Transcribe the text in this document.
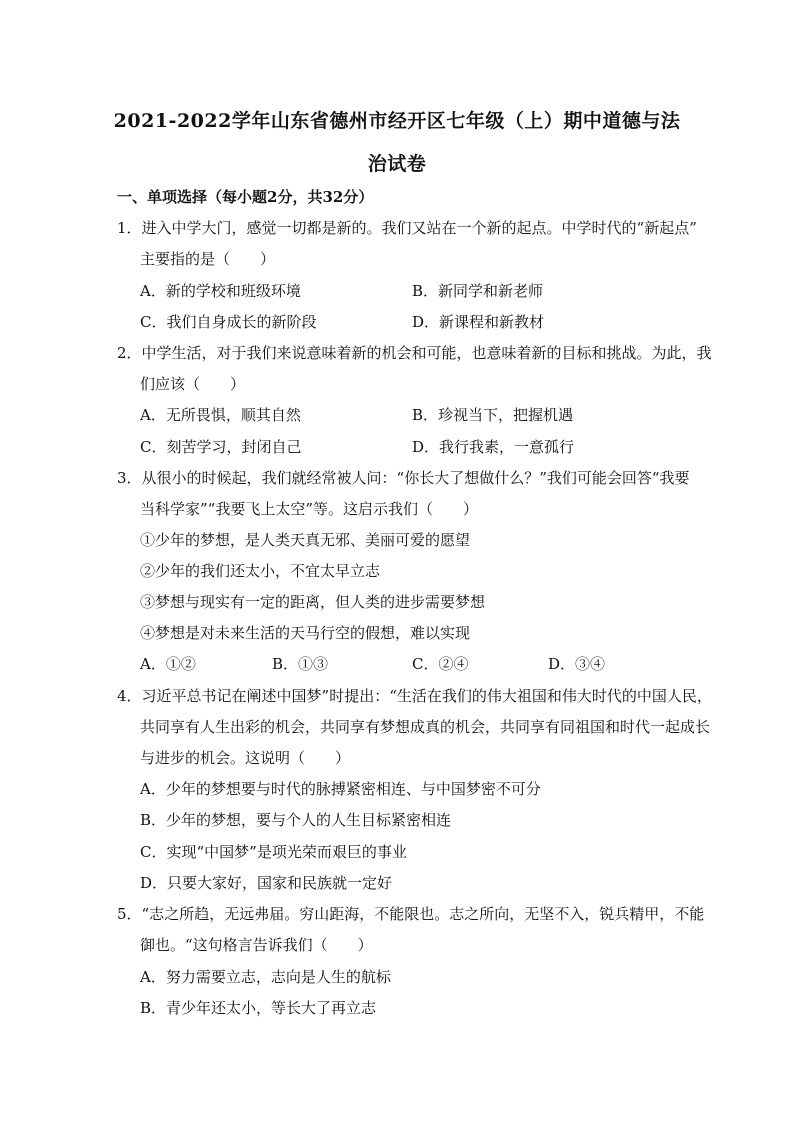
2021-2022学年山东省德州市经开区七年级（上）期中道德与法
治试卷
一、单项选择（每小题2分，共32分）
1．进入中学大门，感觉一切都是新的。我们又站在一个新的起点。中学时代的“新起点”
主要指的是（　　）
A．新的学校和班级环境	B．新同学和新老师
C．我们自身成长的新阶段	D．新课程和新教材
2．中学生活，对于我们来说意味着新的机会和可能，也意味着新的目标和挑战。为此，我
们应该（　　）
A．无所畏惧，顺其自然	B．珍视当下，把握机遇
C．刻苦学习，封闭自己	D．我行我素，一意孤行
3．从很小的时候起，我们就经常被人问：“你长大了想做什么？”我们可能会回答“我要
当科学家”“我要飞上太空”等。这启示我们（　　）
①少年的梦想，是人类天真无邪、美丽可爱的愿望
②少年的我们还太小，不宜太早立志
③梦想与现实有一定的距离，但人类的进步需要梦想
④梦想是对未来生活的天马行空的假想，难以实现
A．①②	B．①③	C．②④	D．③④
4．习近平总书记在阐述中国梦”时提出：“生活在我们的伟大祖国和伟大时代的中国人民，
共同享有人生出彩的机会，共同享有梦想成真的机会，共同享有同祖国和时代一起成长
与进步的机会。这说明（　　）
A．少年的梦想要与时代的脉搏紧密相连、与中国梦密不可分
B．少年的梦想，要与个人的人生目标紧密相连
C．实现“中国梦”是项光荣而艰巨的事业
D．只要大家好，国家和民族就一定好
5．“志之所趋，无远弗届。穷山距海，不能限也。志之所向，无坚不入，锐兵精甲，不能
御也。“这句格言告诉我们（　　）
A．努力需要立志，志向是人生的航标
B．青少年还太小，等长大了再立志
